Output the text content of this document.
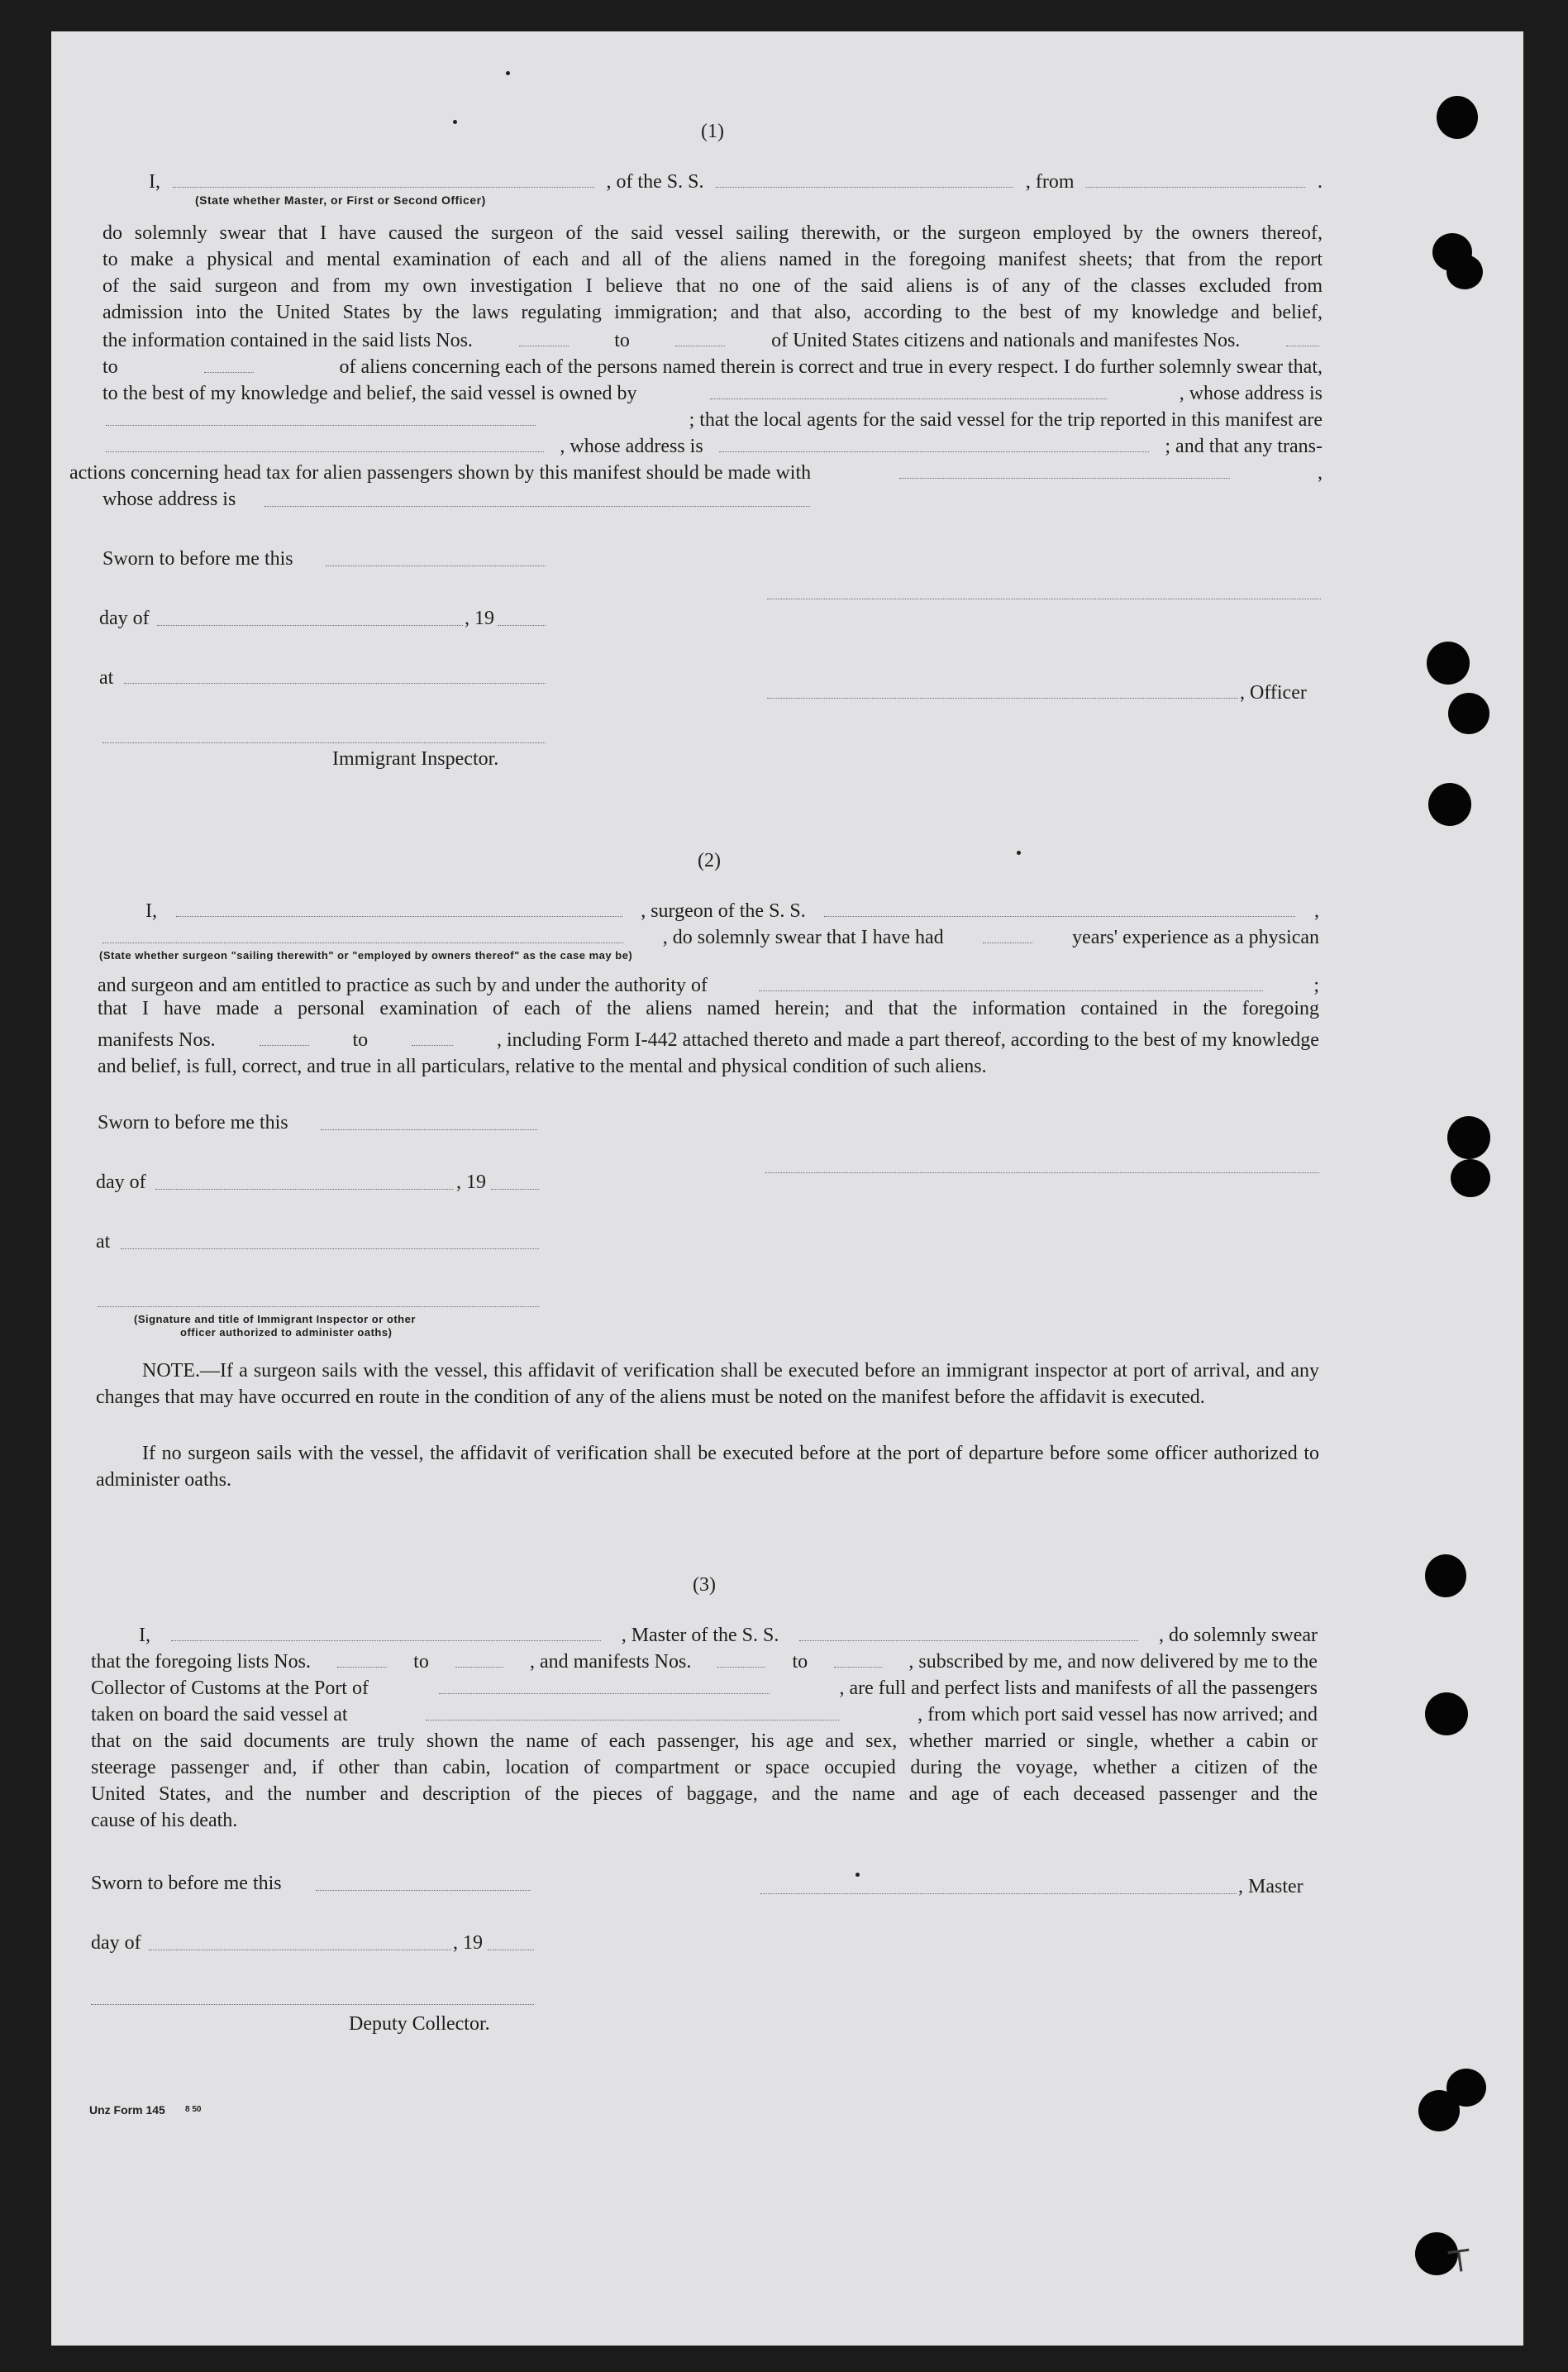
⸆
(1)
I,	, of the S. S.	, from	.
(State whether Master, or First or Second Officer)
do solemnly swear that I have caused the surgeon of the said vessel sailing therewith, or the surgeon employed by the owners thereof,
to make a physical and mental examination of each and all of the aliens named in the foregoing manifest sheets; that from the report
of the said surgeon and from my own investigation I believe that no one of the said aliens is of any of the classes excluded from
admission into the United States by the laws regulating immigration; and that also, according to the best of my knowledge and belief,
the information contained in the said lists Nos.	to	of United States citizens and nationals and manifestes Nos.
to	of aliens concerning each of the persons named therein is correct and true in every respect. I do further solemnly swear that,
to the best of my knowledge and belief, the said vessel is owned by	, whose address is
; that the local agents for the said vessel for the trip reported in this manifest are
, whose address is	; and that any trans-
actions concerning head tax for alien passengers shown by this manifest should be made with	,
whose address is
Sworn to before me this
day of	, 19
at
, Officer
Immigrant Inspector.
(2)
I,	, surgeon of the S. S.	,
, do solemnly swear that I have had	years' experience as a physican
(State whether surgeon "sailing therewith" or "employed by owners thereof" as the case may be)
and surgeon and am entitled to practice as such by and under the authority of	;
that I have made a personal examination of each of the aliens named herein; and that the information contained in the foregoing
manifests Nos.	to	, including Form I-442 attached thereto and made a part thereof, according to the best of my knowledge
and belief, is full, correct, and true in all particulars, relative to the mental and physical condition of such aliens.
Sworn to before me this
day of	, 19
at
(Signature and title of Immigrant Inspector or other
officer authorized to administer oaths)
NOTE.—If a surgeon sails with the vessel, this affidavit of verification shall be executed before an immigrant inspector at port of arrival, and any changes that may have occurred en route in the condition of any of the aliens must be noted on the manifest before the affidavit is executed.
If no surgeon sails with the vessel, the affidavit of verification shall be executed before at the port of departure before some officer authorized to administer oaths.
(3)
I,	, Master of the S. S.	, do solemnly swear
that the foregoing lists Nos.	to	, and manifests Nos.	to	, subscribed by me, and now delivered by me to the
Collector of Customs at the Port of	, are full and perfect lists and manifests of all the passengers
taken on board the said vessel at	, from which port said vessel has now arrived; and
that on the said documents are truly shown the name of each passenger, his age and sex, whether married or single, whether a cabin or
steerage passenger and, if other than cabin, location of compartment or space occupied during the voyage, whether a citizen of the
United States, and the number and description of the pieces of baggage, and the name and age of each deceased passenger and the
cause of his death.
Sworn to before me this	, Master
day of	, 19
Deputy Collector.
Unz Form 145 8 50
